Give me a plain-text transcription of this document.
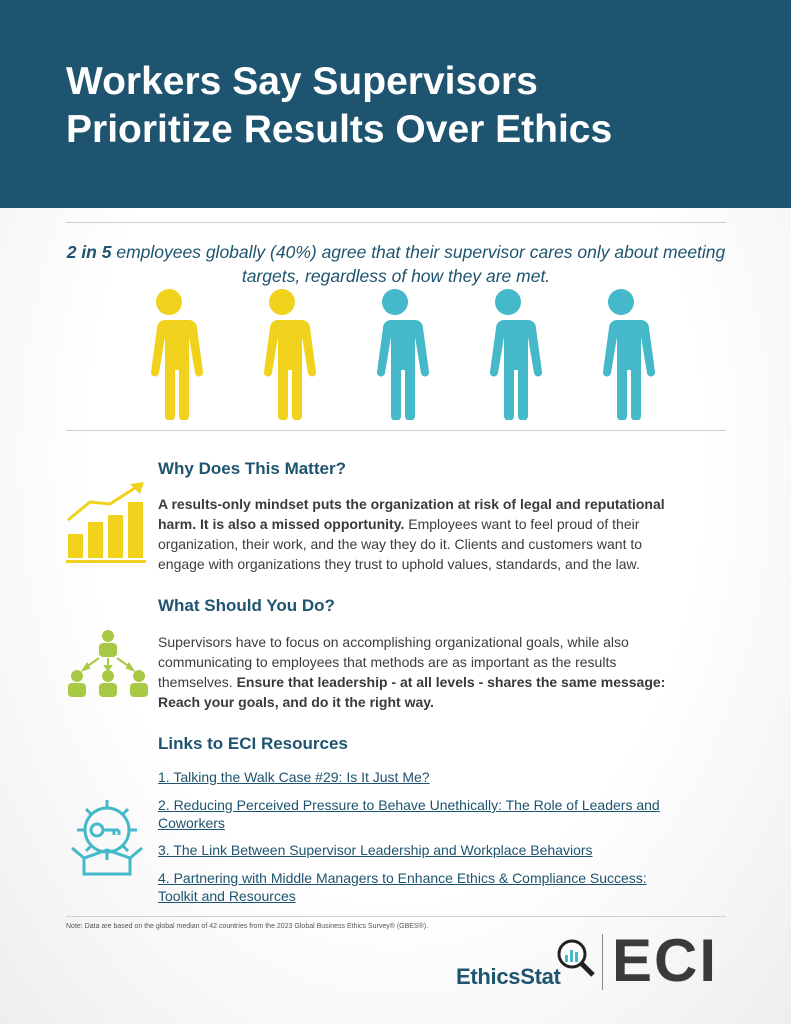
Workers Say Supervisors
Prioritize Results Over Ethics
2 in 5 employees globally (40%) agree that their supervisor cares only about meeting targets, regardless of how they are met.
Why Does This Matter?

A results-only mindset puts the organization at risk of legal and reputational harm. It is also a missed opportunity. Employees want to feel proud of their organization, their work, and the way they do it. Clients and customers want to engage with organizations they trust to uphold values, standards, and the law.

What Should You Do?

Supervisors have to focus on accomplishing organizational goals, while also communicating to employees that methods are as important as the results themselves. Ensure that leadership - at all levels - shares the same message: Reach your goals, and do it the right way.

Links to ECI Resources
1. Talking the Walk Case #29: Is It Just Me?
2. Reducing Perceived Pressure to Behave Unethically: The Role of Leaders and Coworkers
3. The Link Between Supervisor Leadership and Workplace Behaviors
4. Partnering with Middle Managers to Enhance Ethics & Compliance Success: Toolkit and Resources
Note: Data are based on the global median of 42 countries from the 2023 Global Business Ethics Survey® (GBES®).
EthicsStat ECI
